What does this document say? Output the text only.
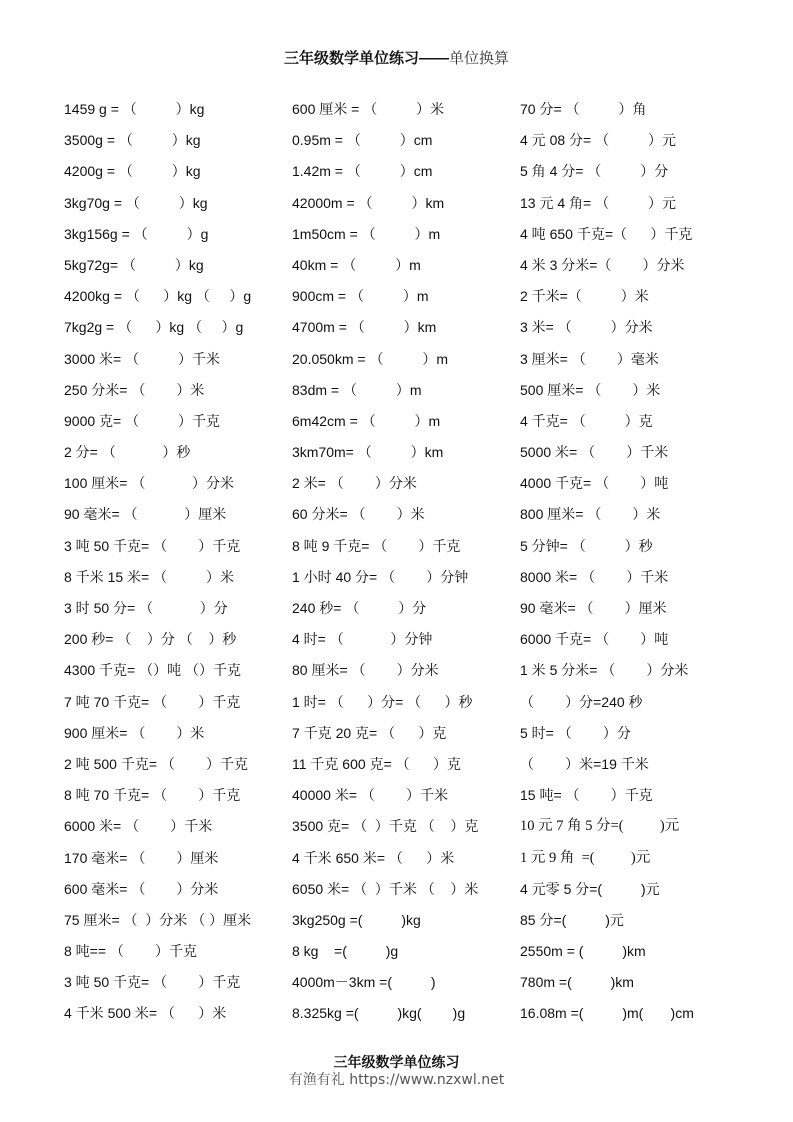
三年级数学单位练习——单位换算
1459 g = （          ）kg	600 厘米 = （          ）米	70 分= （          ）角
3500g = （          ）kg	0.95m = （          ）cm	4 元 08 分= （          ）元
4200g = （          ）kg	1.42m = （          ）cm	5 角 4 分= （          ）分
3kg70g = （          ）kg	42000m = （          ）km	13 元 4 角= （          ）元
3kg156g = （          ）g	1m50cm = （          ）m	4 吨 650 千克=（      ）千克
5kg72g= （          ）kg	40km = （          ）m	4 米 3 分米=（        ）分米
4200kg = （      ）kg （     ）g	900cm = （          ）m	2 千米=（          ）米
7kg2g = （      ）kg （     ）g	4700m = （          ）km	3 米= （          ）分米
3000 米= （          ）千米	20.050km = （          ）m	3 厘米= （        ）毫米
250 分米= （        ）米	83dm = （          ）m	500 厘米= （        ）米
9000 克= （          ）千克	6m42cm = （          ）m	4 千克= （          ）克
2 分= （            ）秒	3km70m= （          ）km	5000 米= （        ）千米
100 厘米= （            ）分米	2 米= （        ）分米	4000 千克= （        ）吨
90 毫米= （            ）厘米	60 分米= （        ）米	800 厘米= （        ）米
3 吨 50 千克= （        ）千克	8 吨 9 千克= （        ）千克	5 分钟= （          ）秒
8 千米 15 米= （          ）米	1 小时 40 分= （        ）分钟	8000 米= （        ）千米
3 时 50 分= （            ）分	240 秒= （          ）分	90 毫米= （        ）厘米
200 秒= （    ）分 （    ）秒	4 时= （            ）分钟	6000 千克= （        ）吨
4300 千克= （）吨 （）千克	80 厘米= （        ）分米	1 米 5 分米= （        ）分米
7 吨 70 千克= （        ）千克	1 时= （      ）分= （      ）秒	（        ）分=240 秒
900 厘米= （        ）米	7 千克 20 克= （      ）克	5 时= （        ）分
2 吨 500 千克= （        ）千克	11 千克 600 克= （      ）克	（        ）米=19 千米
8 吨 70 千克= （        ）千克	40000 米= （        ）千米	15 吨= （        ）千克
6000 米= （        ）千米	3500 克= （  ）千克 （    ）克	10 元 7 角 5 分=(          )元
170 毫米= （        ）厘米	4 千米 650 米= （      ）米	1 元 9 角  =(          )元
600 毫米= （        ）分米	6050 米= （  ）千米 （    ）米	4 元零 5 分=(          )元
75 厘米= （  ）分米 （ ）厘米	3kg250g =(          )kg	85 分=(          )元
8 吨== （        ）千克	8 kg    =(          )g	2550m = (          )km
3 吨 50 千克= （        ）千克	4000m－3km =(          )	780m =(          )km
4 千米 500 米= （      ）米	8.325kg =(          )kg(        )g	16.08m =(          )m(       )cm
三年级数学单位练习
有渔有礼 https://www.nzxwl.net
